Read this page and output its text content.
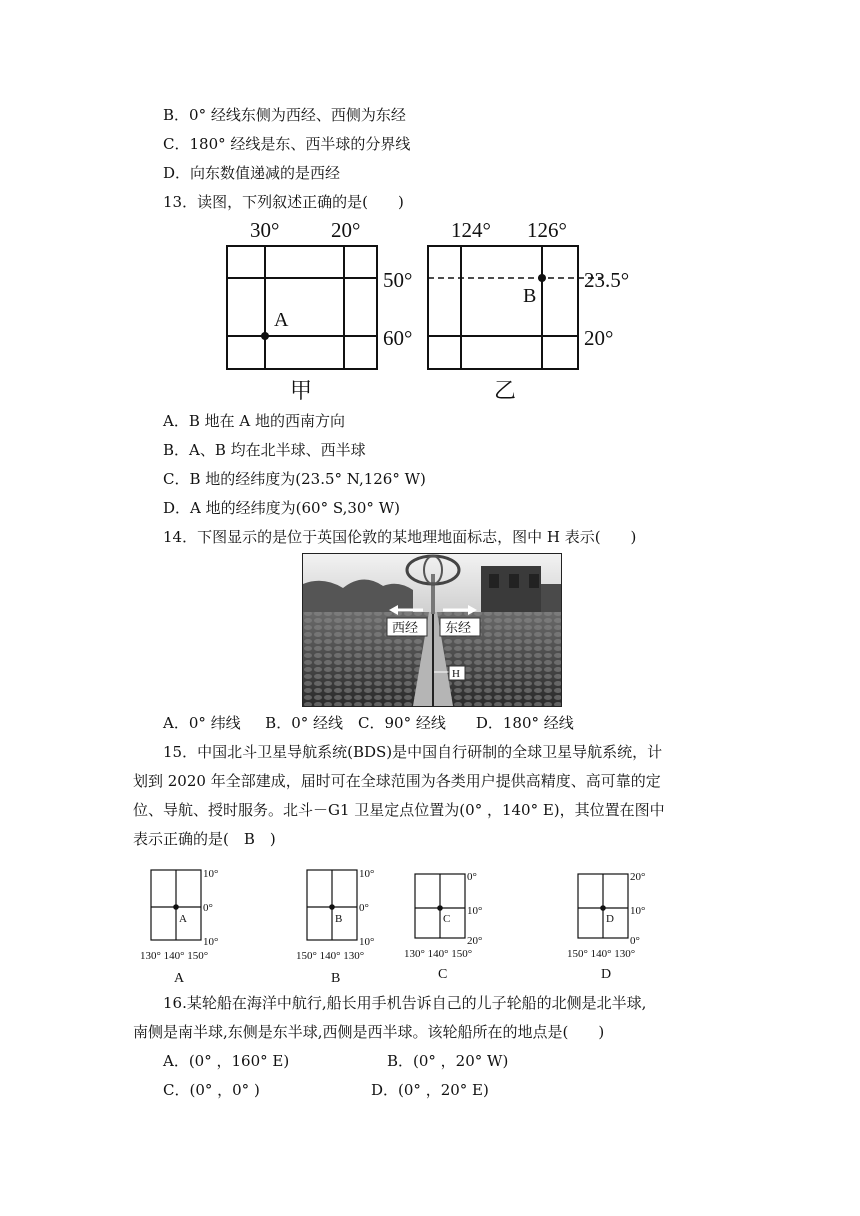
B．0° 经线东侧为西经、西侧为东经
C．180° 经线是东、西半球的分界线
D．向东数值递减的是西经
13．读图，下列叙述正确的是(　　)
30° 20°
50°
60°
A
甲
124° 126°
23.5°
20°
B
乙
A．B 地在 A 地的西南方向
B．A、B 均在北半球、西半球
C．B 地的经纬度为(23.5° N,126° W)
D．A 地的经纬度为(60° S,30° W)
14．下图显示的是位于英国伦敦的某地理地面标志，图中 H 表示(　　)
西经 东经
H
A．0° 纬线　  B．0° 经线　C．90° 经线　　D．180° 经线
15．中国北斗卫星导航系统(BDS)是中国自行研制的全球卫星导航系统，计
划到 2020 年全部建成，届时可在全球范围为各类用户提供高精度、高可靠的定
位、导航、授时服务。北斗－G1 卫星定点位置为(0° ，140° E)，其位置在图中
表示正确的是(　B　)
A
10°
0°
10°
130° 140° 150°
A
B
10°
0°
10°
150° 140° 130°
B
C
0°
10°
20°
130° 140° 150°
C
D
20°
10°
0°
150° 140° 130°
D
16.某轮船在海洋中航行,船长用手机告诉自己的儿子轮船的北侧是北半球,
南侧是南半球,东侧是东半球,西侧是西半球。该轮船所在的地点是(　　)
A．(0° ，160° E)	B．(0° ，20° W)
C．(0° ，0° )	D．(0° ，20° E)
